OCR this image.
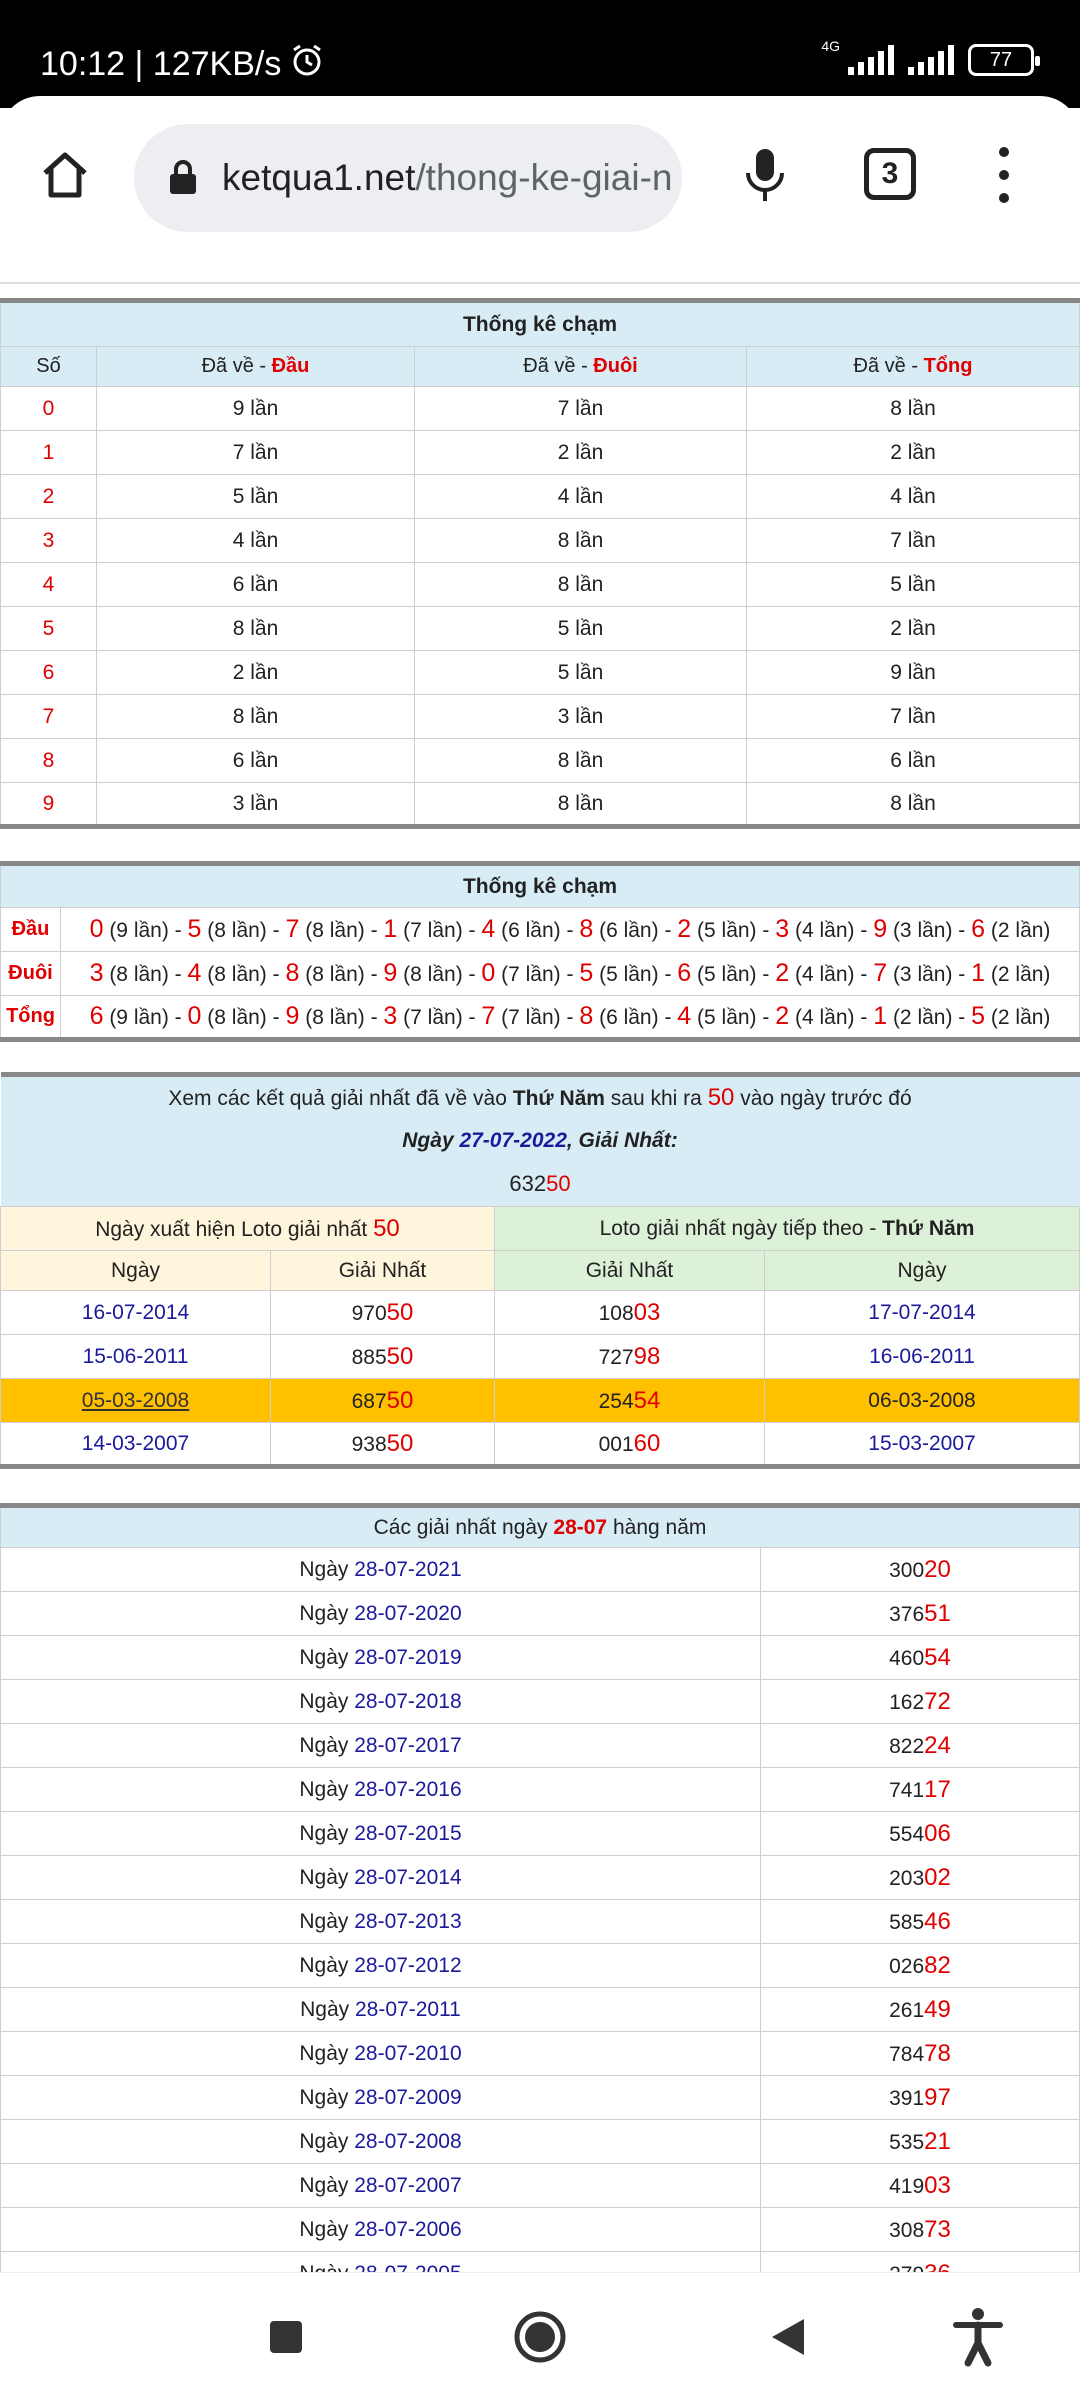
10:12 | 127KB/s	4G
77
ketqua1.net/thong-ke-giai-n	3
Thống kê chạm			
Số	Đã về - Đầu	Đã về - Đuôi	Đã về - Tổng
0	9 lần	7 lần	8 lần
1	7 lần	2 lần	2 lần
2	5 lần	4 lần	4 lần
3	4 lần	8 lần	7 lần
4	6 lần	8 lần	5 lần
5	8 lần	5 lần	2 lần
6	2 lần	5 lần	9 lần
7	8 lần	3 lần	7 lần
8	6 lần	8 lần	6 lần
9	3 lần	8 lần	8 lần
Thống kê chạm	
Đầu	0 (9 lần) - 5 (8 lần) - 7 (8 lần) - 1 (7 lần) - 4 (6 lần) - 8 (6 lần) - 2 (5 lần) - 3 (4 lần) - 9 (3 lần) - 6 (2 lần)
Đuôi	3 (8 lần) - 4 (8 lần) - 8 (8 lần) - 9 (8 lần) - 0 (7 lần) - 5 (5 lần) - 6 (5 lần) - 2 (4 lần) - 7 (3 lần) - 1 (2 lần)
Tổng	6 (9 lần) - 0 (8 lần) - 9 (8 lần) - 3 (7 lần) - 7 (7 lần) - 8 (6 lần) - 4 (5 lần) - 2 (4 lần) - 1 (2 lần) - 5 (2 lần)
Xem các kết quả giải nhất đã về vào Thứ Năm sau khi ra 50 vào ngày trước đó			
Ngày 27-07-2022, Giải Nhất:			
63250			
Ngày xuất hiện Loto giải nhất 50		Loto giải nhất ngày tiếp theo - Thứ Năm	
Ngày	Giải Nhất	Giải Nhất	Ngày
16-07-2014	97050	10803	17-07-2014
15-06-2011	88550	72798	16-06-2011
05-03-2008	68750	25454	06-03-2008
14-03-2007	93850	00160	15-03-2007
Các giải nhất ngày 28-07 hàng năm	
Ngày 28-07-2021	30020
Ngày 28-07-2020	37651
Ngày 28-07-2019	46054
Ngày 28-07-2018	16272
Ngày 28-07-2017	82224
Ngày 28-07-2016	74117
Ngày 28-07-2015	55406
Ngày 28-07-2014	20302
Ngày 28-07-2013	58546
Ngày 28-07-2012	02682
Ngày 28-07-2011	26149
Ngày 28-07-2010	78478
Ngày 28-07-2009	39197
Ngày 28-07-2008	53521
Ngày 28-07-2007	41903
Ngày 28-07-2006	30873
